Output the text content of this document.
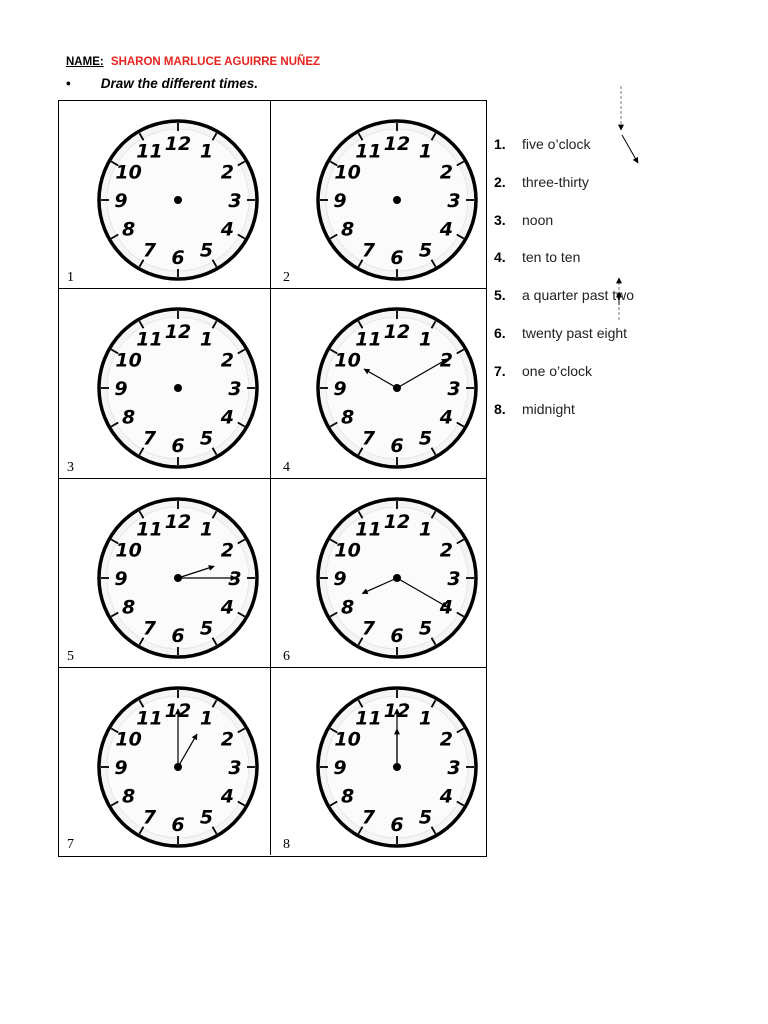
NAME: SHARON MARLUCE AGUIRRE NUÑEZ
• Draw the different times.
12 1
2
3
4
5
6
7
8
9
10
11
1
12 1
2
3
4
5
6
7
8
9
10
11
2
12 1
2
3
4
5
6
7
8
9
10
11
3
12 1
2
3
4
5
6
7
8
9
10
11
4
12 1
2
3
4
5
6
7
8
9
10
11
5
12 1
2
3
4
5
6
7
8
9
10
11
6
12 1
2
3
4
5
6
7
8
9
10
11
7
12 1
2
3
4
5
6
7
8
9
10
11
8
1. five o’clock
2. three-thirty
3. noon
4. ten to ten
5. a quarter past two
6. twenty past eight
7. one o’clock
8. midnight
